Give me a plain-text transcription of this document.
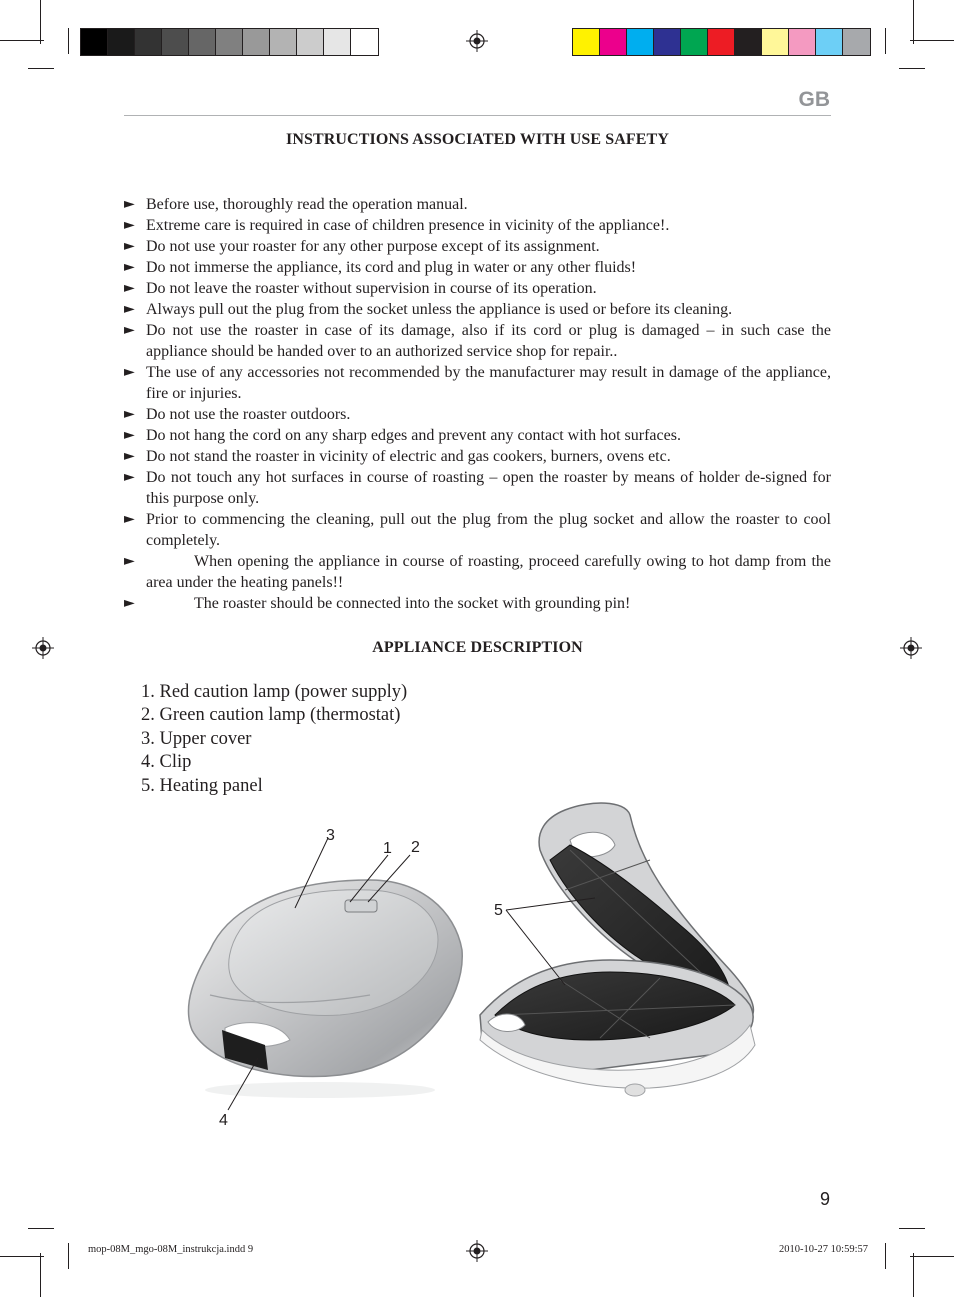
GB
INSTRUCTIONS ASSOCIATED WITH USE SAFETY
► Before use, thoroughly read the operation manual.
► Extreme care is required in case of children presence in vicinity of the appliance!.
► Do not use your roaster for any other purpose except of its assignment.
► Do not immerse the appliance, its cord and plug in water or any other fluids!
► Do not leave the roaster without supervision in course of its operation.
► Always pull out the plug from the socket unless the appliance is used or before its cleaning.
► Do not use the roaster in case of its damage, also if its cord or plug is damaged – in such case the appliance should be handed over to an authorized service shop for repair..
► The use of any accessories not recommended by the manufacturer may result in damage of the appliance, fire or injuries.
► Do not use the roaster outdoors.
► Do not hang the cord on any sharp edges and prevent any contact with hot surfaces.
► Do not stand the roaster in vicinity of electric and gas cookers, burners, ovens etc.
► Do not touch any hot surfaces in course of roasting – open the roaster by means of holder de-signed for this purpose only.
► Prior to commencing the cleaning, pull out the plug from the plug socket and allow the roaster to cool completely.
►	When opening the appliance in course of roasting, proceed carefully owing to hot damp from the area under the heating panels!!
►	The roaster should be connected into the socket with grounding pin!
APPLIANCE DESCRIPTION
1. Red caution lamp (power supply)
2. Green caution lamp (thermostat)
3. Upper cover
4. Clip
5. Heating panel
3
1 2
4
5
9
mop-08M_mgo-08M_instrukcja.indd 9	2010-10-27 10:59:57
